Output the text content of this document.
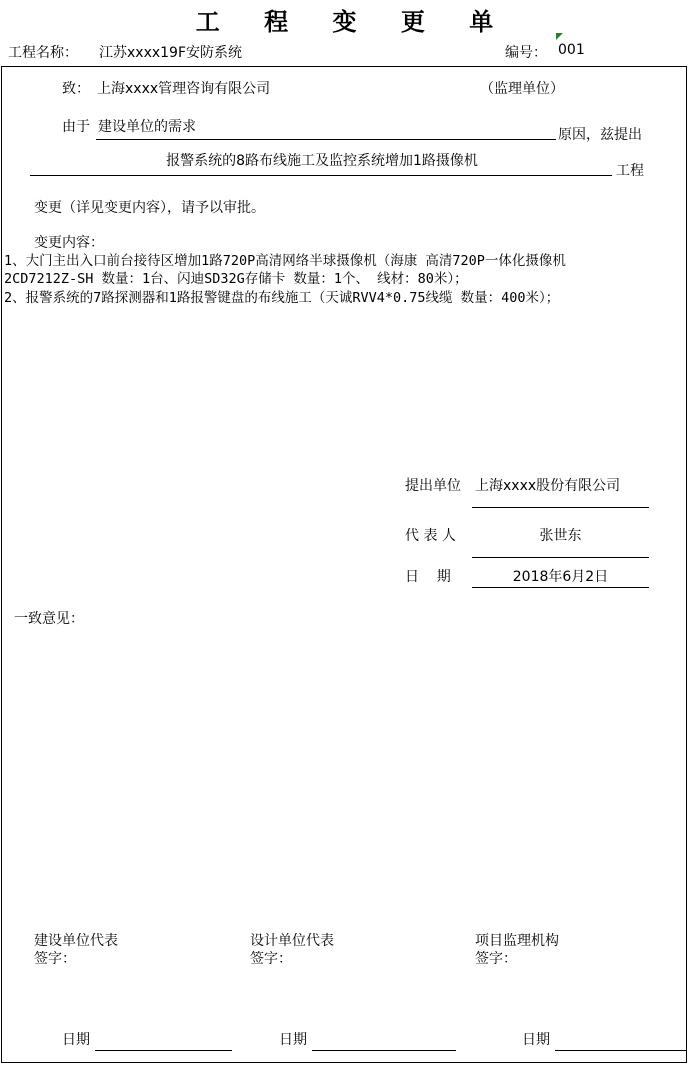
工 程 变 更 单
工程名称： 江苏xxxx19F安防系统	编号： 001
致： 上海xxxx管理咨询有限公司	（监理单位）
由于 建设单位的需求	原因，兹提出
报警系统的8路布线施工及监控系统增加1路摄像机
工程
变更（详见变更内容），请予以审批。
变更内容：
1、大门主出入口前台接待区增加1路720P高清网络半球摄像机（海康 高清720P一体化摄像机
2CD7212Z-SH 数量：1台、闪迪SD32G存储卡 数量：1个、 线材：80米）；
2、报警系统的7路探测器和1路报警键盘的布线施工（天诚RVV4*0.75线缆 数量：400米）；
提出单位 上海xxxx股份有限公司
代 表 人	张世东
日    期	2018年6月2日
一致意见：
建设单位代表
签字：
设计单位代表
签字：
项目监理机构
签字：
日期	日期	日期
